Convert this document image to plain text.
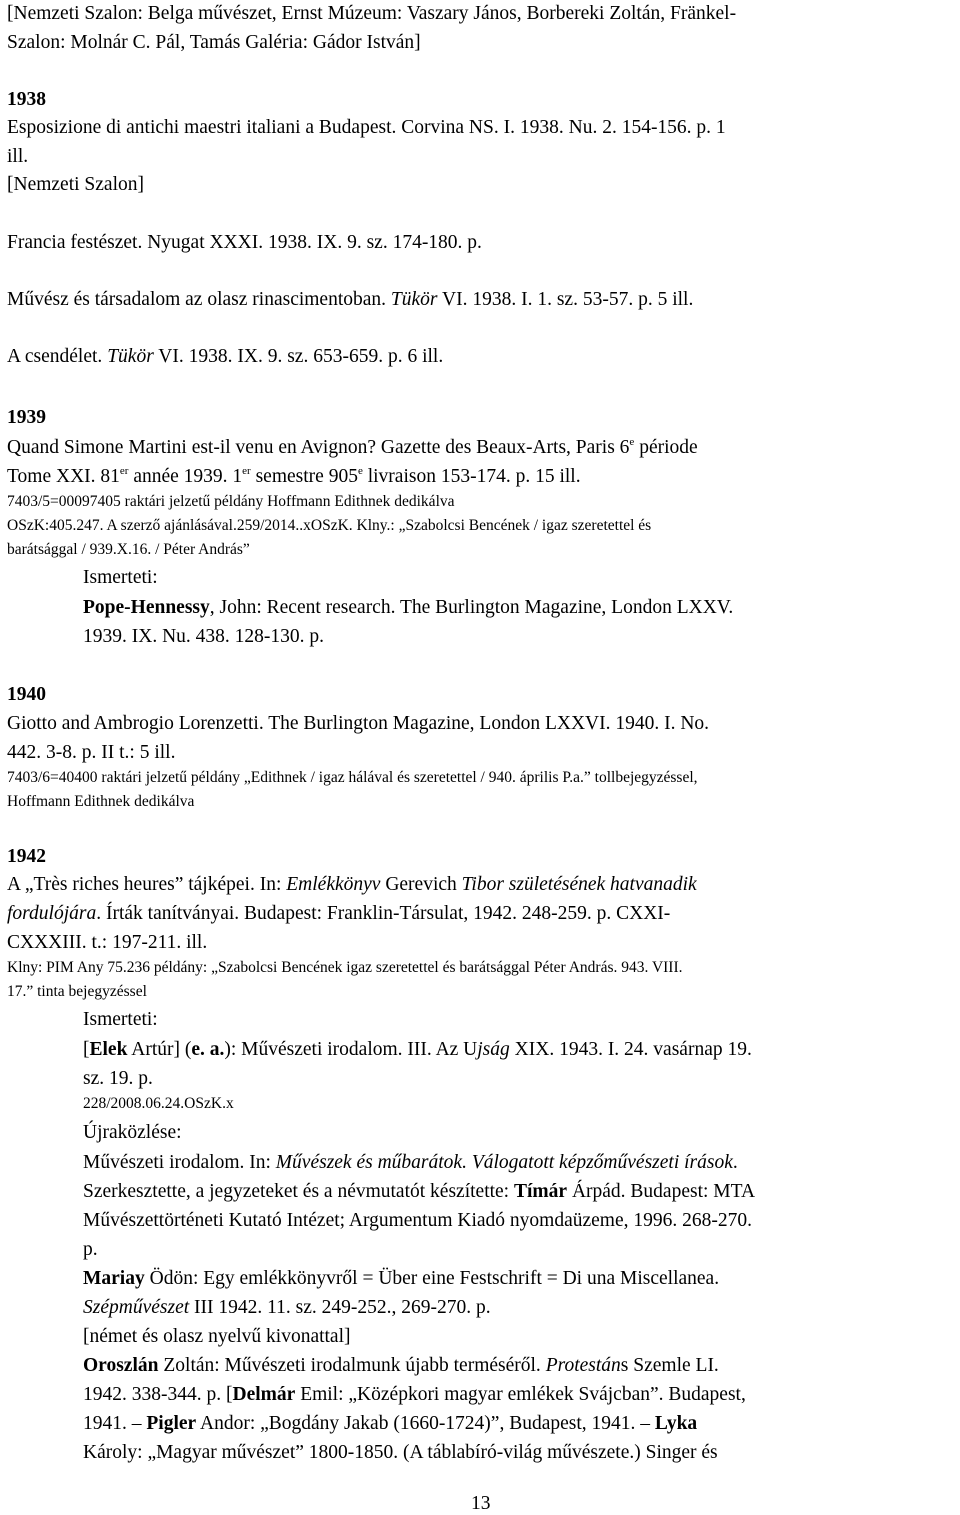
[Nemzeti Szalon: Belga művészet, Ernst Múzeum: Vaszary János, Borbereki Zoltán, Fränkel-
Szalon: Molnár C. Pál, Tamás Galéria: Gádor István]
1938
Esposizione di antichi maestri italiani a Budapest. Corvina NS. I. 1938. Nu. 2. 154-156. p. 1
ill.
[Nemzeti Szalon]
Francia festészet. Nyugat XXXI. 1938. IX. 9. sz. 174-180. p.
Művész és társadalom az olasz rinascimentoban. Tükör VI. 1938. I. 1. sz. 53-57. p. 5 ill.
A csendélet. Tükör VI. 1938. IX. 9. sz. 653-659. p. 6 ill.
1939
Quand Simone Martini est-il venu en Avignon? Gazette des Beaux-Arts, Paris 6e période
Tome XXI. 81er année 1939. 1er semestre 905e livraison 153-174. p. 15 ill.
7403/5=00097405 raktári jelzetű példány Hoffmann Edithnek dedikálva
OSzK:405.247. A szerző ajánlásával.259/2014..xOSzK. Klny.: „Szabolcsi Bencének / igaz szeretettel és
barátsággal / 939.X.16. / Péter András”
Ismerteti:
Pope-Hennessy, John: Recent research. The Burlington Magazine, London LXXV.
1939. IX. Nu. 438. 128-130. p.
1940
Giotto and Ambrogio Lorenzetti. The Burlington Magazine, London LXXVI. 1940. I. No.
442. 3-8. p. II t.: 5 ill.
7403/6=40400 raktári jelzetű példány „Edithnek / igaz hálával és szeretettel / 940. április P.a.” tollbejegyzéssel,
Hoffmann Edithnek dedikálva
1942
A „Très riches heures” tájképei. In: Emlékkönyv Gerevich Tibor születésének hatvanadik
fordulójára. Írták tanítványai. Budapest: Franklin-Társulat, 1942. 248-259. p. CXXI-
CXXXIII. t.: 197-211. ill.
Klny: PIM Any 75.236 példány: „Szabolcsi Bencének igaz szeretettel és barátsággal Péter András. 943. VIII.
17.” tinta bejegyzéssel
Ismerteti:
[Elek Artúr] (e. a.): Művészeti irodalom. III. Az Ujság XIX. 1943. I. 24. vasárnap 19.
sz. 19. p.
228/2008.06.24.OSzK.x
Újraközlése:
Művészeti irodalom. In: Művészek és műbarátok. Válogatott képzőművészeti írások.
Szerkesztette, a jegyzeteket és a névmutatót készítette: Tímár Árpád. Budapest: MTA
Művészettörténeti Kutató Intézet; Argumentum Kiadó nyomdaüzeme, 1996. 268-270.
p.
Mariay Ödön: Egy emlékkönyvről = Über eine Festschrift = Di una Miscellanea.
Szépművészet III 1942. 11. sz. 249-252., 269-270. p.
[német és olasz nyelvű kivonattal]
Oroszlán Zoltán: Művészeti irodalmunk újabb terméséről. Protestáns Szemle LI.
1942. 338-344. p. [Delmár Emil: „Középkori magyar emlékek Svájcban”. Budapest,
1941. – Pigler Andor: „Bogdány Jakab (1660-1724)”, Budapest, 1941. – Lyka
Károly: „Magyar művészet” 1800-1850. (A táblabíró-világ művészete.) Singer és
13
